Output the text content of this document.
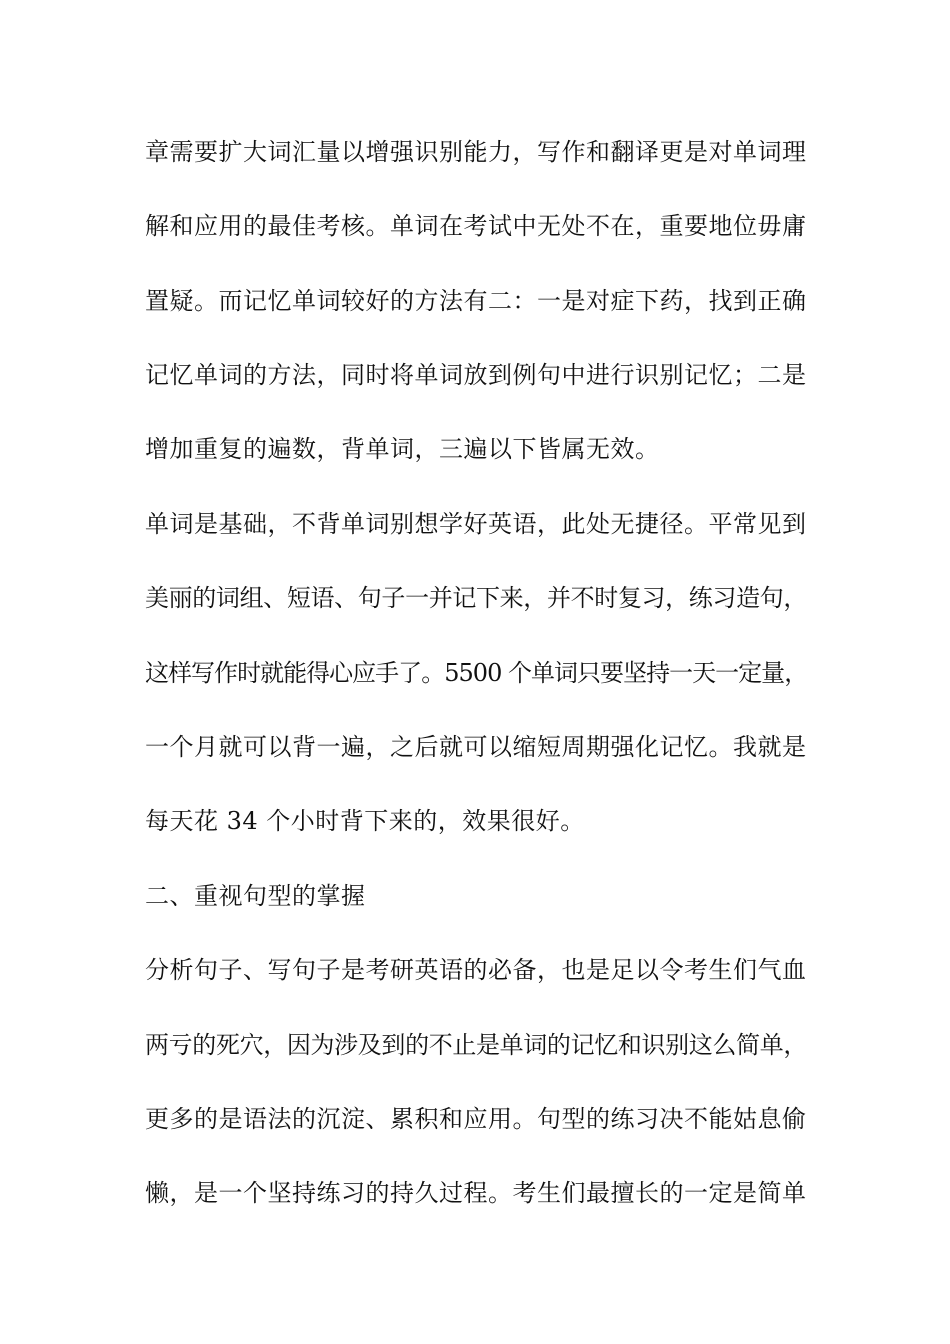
章需要扩大词汇量以增强识别能力，写作和翻译更是对单词理
解和应用的最佳考核。单词在考试中无处不在，重要地位毋庸
置疑。而记忆单词较好的方法有二：一是对症下药，找到正确
记忆单词的方法，同时将单词放到例句中进行识别记忆；二是
增加重复的遍数，背单词，三遍以下皆属无效。
单词是基础，不背单词别想学好英语，此处无捷径。平常见到
美丽的词组、短语、句子一并记下来，并不时复习，练习造句，
这样写作时就能得心应手了。5500 个单词只要坚持一天一定量，
一个月就可以背一遍，之后就可以缩短周期强化记忆。我就是
每天花 34 个小时背下来的，效果很好。
二、重视句型的掌握
分析句子、写句子是考研英语的必备，也是足以令考生们气血
两亏的死穴，因为涉及到的不止是单词的记忆和识别这么简单，
更多的是语法的沉淀、累积和应用。句型的练习决不能姑息偷
懒，是一个坚持练习的持久过程。考生们最擅长的一定是简单
